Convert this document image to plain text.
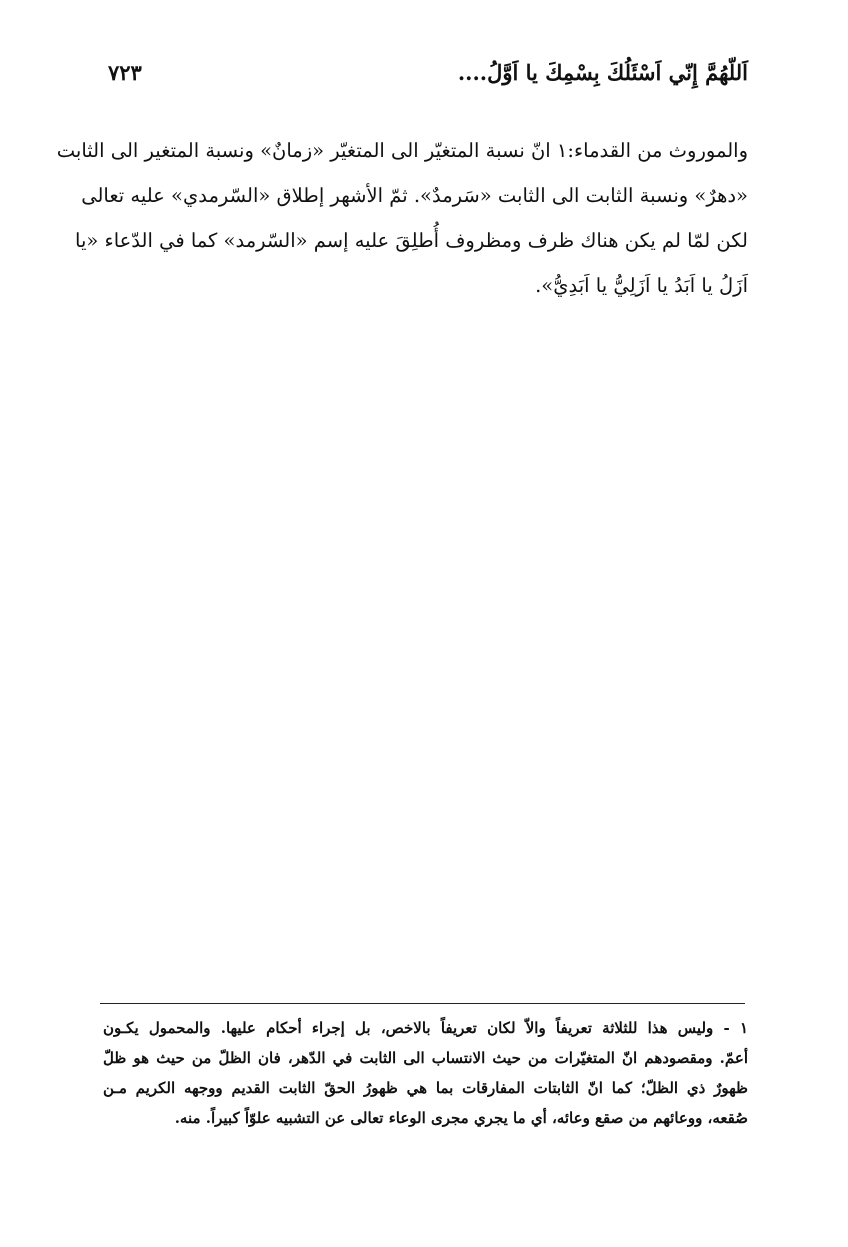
اَللّهُمَّ إِنّي اَسْئَلُكَ بِسْمِكَ يا اَوَّلُ....
٧٢٣
والموروث من القدماء:١ انّ نسبة المتغيّر الى المتغيّر «زمانٌ» ونسبة المتغير الى الثابت
«دهرٌ» ونسبة الثابت الى الثابت «سَرمدٌ». ثمّ الأشهر إطلاق «السّرمدي» عليه تعالى
لكن لمّا لم يكن هناك ظرف ومظروف أُطلِقَ عليه إسم «السّرمد» كما في الدّعاء «يا
اَزَلُ يا اَبَدُ يا اَزَلِيُّ يا اَبَدِيُّ».
١ - وليس هذا للثلاثة تعريفاً والاّ لكان تعريفاً بالاخص، بل إجراء أحكام عليها. والمحمول يكـون
أعمّ. ومقصودهم انّ المتغيّرات من حيث الانتساب الى الثابت في الدّهر، فان الظلّ من حيث هو ظلّ
ظهورٌ ذي الظلّ؛ كما انّ الثابتات المفارقات بما هي ظهورُ الحقّ الثابت القديم ووجهه الكريم مـن
صُقعه، ووعائهم من صقع وعائه، أي ما يجري مجرى الوعاء تعالى عن التشبيه علوّاً كبيراً. منه.
